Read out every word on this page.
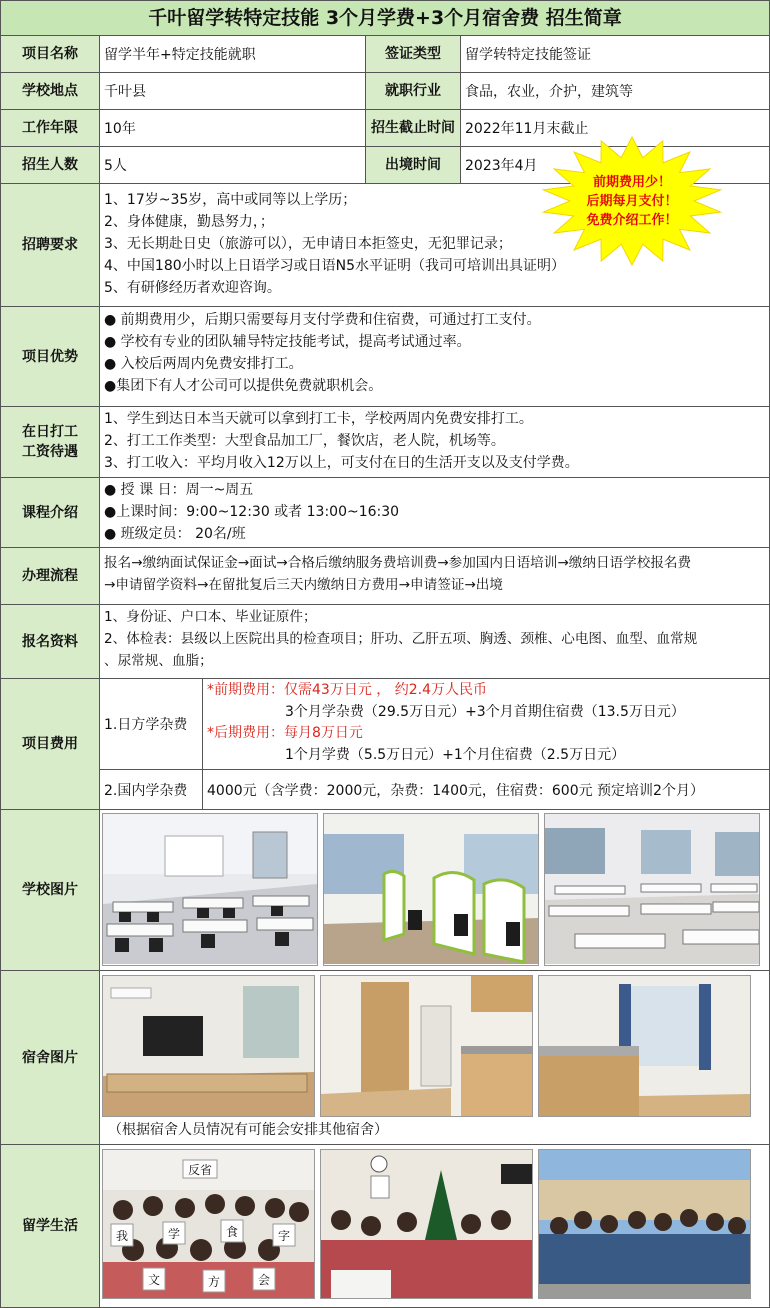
千叶留学转特定技能 3个月学费+3个月宿舍费 招生简章
项目名称	留学半年+特定技能就职	签证类型	留学转特定技能签证
学校地点	千叶县	就职行业	食品，农业，介护，建筑等
工作年限	10年	招生截止时间 2022年11月末截止
招生人数	5人	出境时间	2023年4月
招聘要求
1、17岁~35岁，高中或同等以上学历；
2、身体健康，勤恳努力，；
3、无长期赴日史（旅游可以），无申请日本拒签史，无犯罪记录；
4、中国180小时以上日语学习或日语N5水平证明（我司可培训出具证明）
5、有研修经历者欢迎咨询。
项目优势
● 前期费用少，后期只需要每月支付学费和住宿费，可通过打工支付。
● 学校有专业的团队辅导特定技能考试，提高考试通过率。
● 入校后两周内免费安排打工。
●集团下有人才公司可以提供免费就职机会。
在日打工
工资待遇
1、学生到达日本当天就可以拿到打工卡，学校两周内免费安排打工。
2、打工工作类型：大型食品加工厂，餐饮店，老人院，机场等。
3、打工收入：平均月收入12万以上，可支付在日的生活开支以及支付学费。
课程介绍
● 授 课 日：周一~周五
●上课时间：9:00~12:30 或者 13:00~16:30
● 班级定员： 20名/班
办理流程
报名→缴纳面试保证金→面试→合格后缴纳服务费培训费→参加国内日语培训→缴纳日语学校报名费
→申请留学资料→在留批复后三天内缴纳日方费用→申请签证→出境
报名资料
1、身份证、户口本、毕业证原件；
2、体检表：县级以上医院出具的检查项目；肝功、乙肝五项、胸透、颈椎、心电图、血型、血常规
、尿常规、血脂；
项目费用
1.日方学杂费
*前期费用：仅需43万日元 ， 约2.4万人民币
3个月学杂费（29.5万日元）+3个月首期住宿费（13.5万日元）
*后期费用：每月8万日元
1个月学费（5.5万日元）+1个月住宿费（2.5万日元）
2.国内学杂费	4000元（含学费：2000元，杂费：1400元，住宿费：600元 预定培训2个月）
学校图片
宿舍图片
（根据宿舍人员情况有可能会安排其他宿舍）
留学生活
反省
我	学	食	字
文	方	会
前期费用少！
后期每月支付！
免费介绍工作！
